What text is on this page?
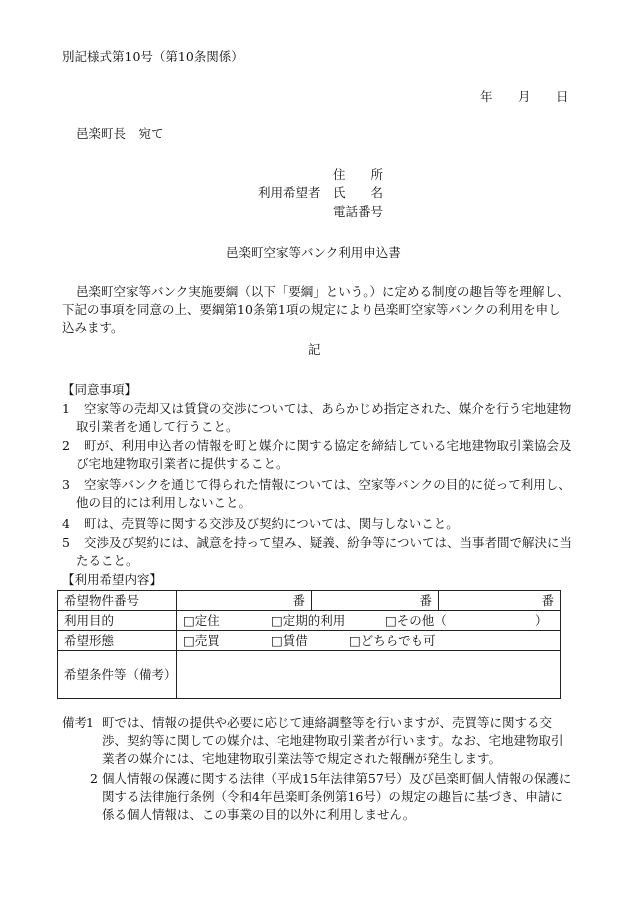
別記様式第10号（第10条関係）
年 月 日
邑楽町長　宛て
住　　所
利用希望者 氏　　名
電話番号
邑楽町空家等バンク利用申込書
邑楽町空家等バンク実施要綱（以下「要綱」という。）に定める制度の趣旨等を理解し、下記の事項を同意の上、要綱第10条第1項の規定により邑楽町空家等バンクの利用を申し込みます。
記
【同意事項】
1	空家等の売却又は賃貸の交渉については、あらかじめ指定された、媒介を行う宅地建物取引業者を通して行うこと。
2	町が、利用申込者の情報を町と媒介に関する協定を締結している宅地建物取引業協会及び宅地建物取引業者に提供すること。
3	空家等バンクを通じて得られた情報については、空家等バンクの目的に従って利用し、他の目的には利用しないこと。
4	町は、売買等に関する交渉及び契約については、関与しないこと。
5	交渉及び契約には、誠意を持って望み、疑義、紛争等については、当事者間で解決に当たること。
【利用希望内容】
希望物件番号	番	番	番
利用目的	□定住 □定期的利用 □その他（ ）		
希望形態	□売買 □賃借 □どちらでも可		
希望条件等（備考）			
備考
1 町では、情報の提供や必要に応じて連絡調整等を行いますが、売買等に関する交渉、契約等に関しての媒介は、宅地建物取引業者が行います。なお、宅地建物取引業者の媒介には、宅地建物取引業法等で規定された報酬が発生します。
2 個人情報の保護に関する法律（平成15年法律第57号）及び邑楽町個人情報の保護に関する法律施行条例（令和4年邑楽町条例第16号）の規定の趣旨に基づき、申請に係る個人情報は、この事業の目的以外に利用しません。
